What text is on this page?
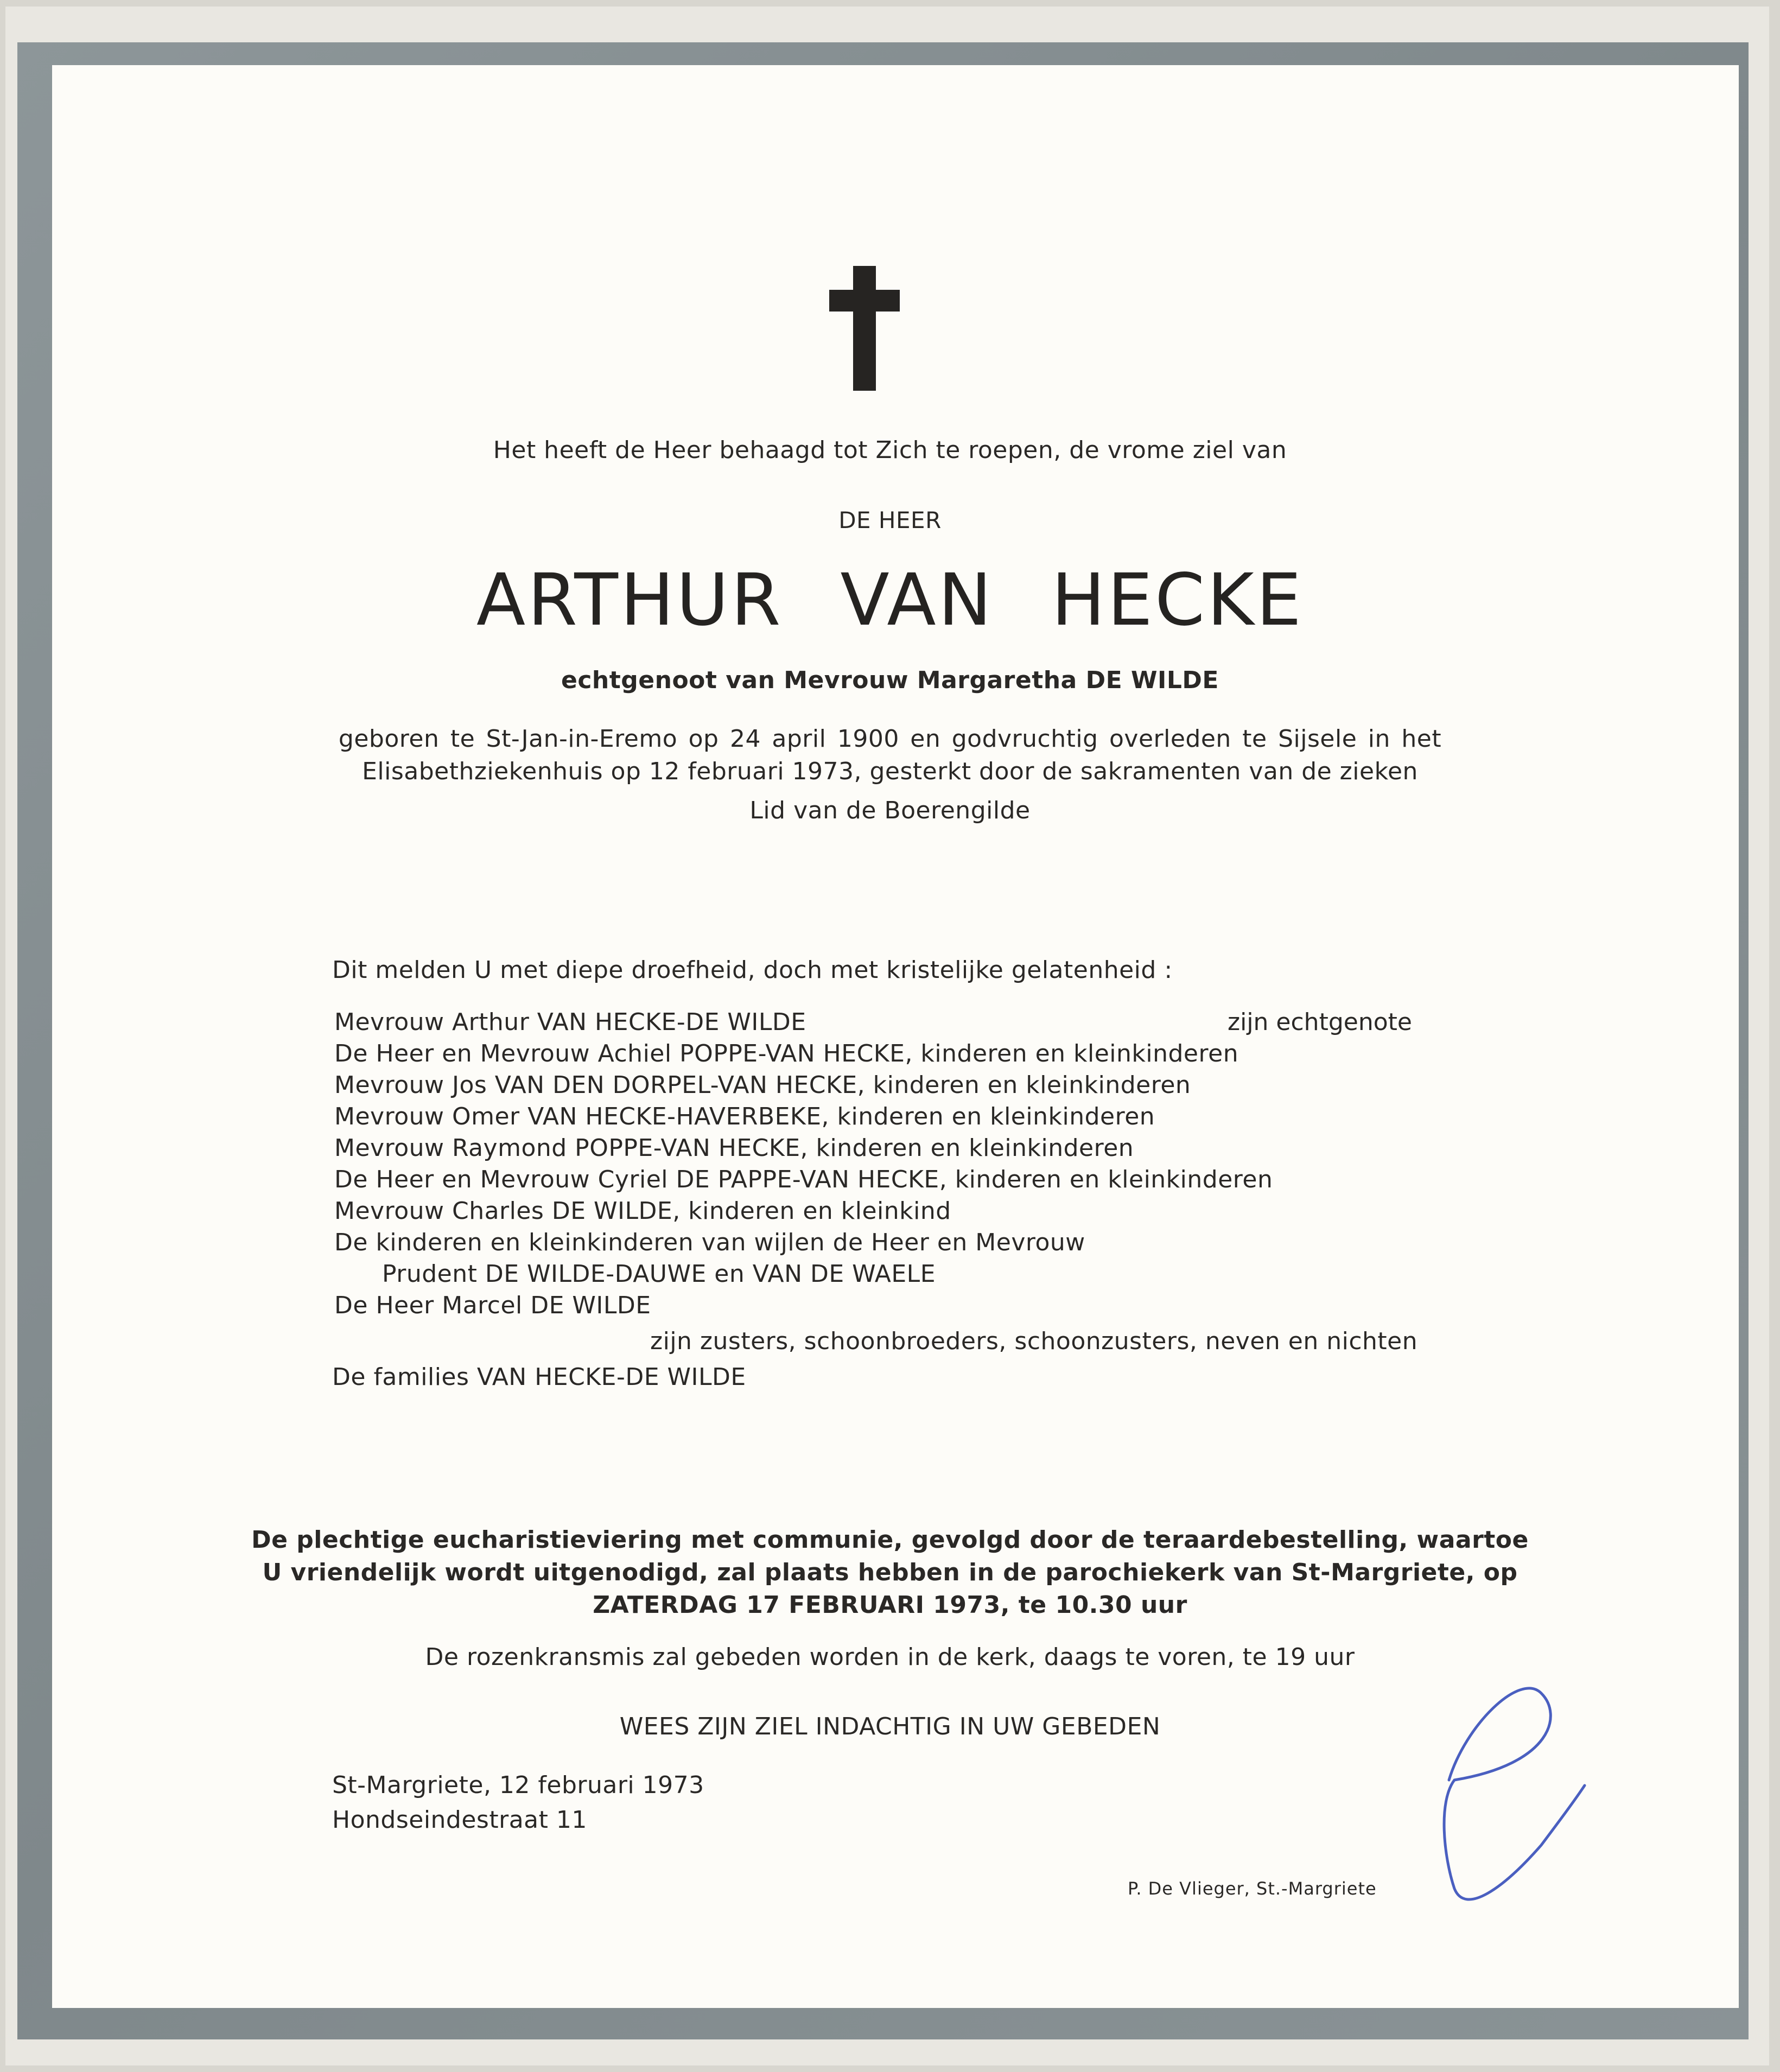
Het heeft de Heer behaagd tot Zich te roepen, de vrome ziel van
DE HEER
ARTHUR VAN HECKE
echtgenoot van Mevrouw Margaretha DE WILDE
geboren te St-Jan-in-Eremo op 24 april 1900 en godvruchtig overleden te Sijsele in het
Elisabethziekenhuis op 12 februari 1973, gesterkt door de sakramenten van de zieken
Lid van de Boerengilde
Dit melden U met diepe droefheid, doch met kristelijke gelatenheid :
Mevrouw Arthur VAN HECKE-DE WILDE	zijn echtgenote
De Heer en Mevrouw Achiel POPPE-VAN HECKE, kinderen en kleinkinderen
Mevrouw Jos VAN DEN DORPEL-VAN HECKE, kinderen en kleinkinderen
Mevrouw Omer VAN HECKE-HAVERBEKE, kinderen en kleinkinderen
Mevrouw Raymond POPPE-VAN HECKE, kinderen en kleinkinderen
De Heer en Mevrouw Cyriel DE PAPPE-VAN HECKE, kinderen en kleinkinderen
Mevrouw Charles DE WILDE, kinderen en kleinkind
De kinderen en kleinkinderen van wijlen de Heer en Mevrouw
Prudent DE WILDE-DAUWE en VAN DE WAELE
De Heer Marcel DE WILDE
zijn zusters, schoonbroeders, schoonzusters, neven en nichten
De families VAN HECKE-DE WILDE
De plechtige eucharistieviering met communie, gevolgd door de teraardebestelling, waartoe
U vriendelijk wordt uitgenodigd, zal plaats hebben in de parochiekerk van St-Margriete, op
ZATERDAG 17 FEBRUARI 1973, te 10.30 uur
De rozenkransmis zal gebeden worden in de kerk, daags te voren, te 19 uur
WEES ZIJN ZIEL INDACHTIG IN UW GEBEDEN
St-Margriete, 12 februari 1973
Hondseindestraat 11
P. De Vlieger, St.-Margriete
